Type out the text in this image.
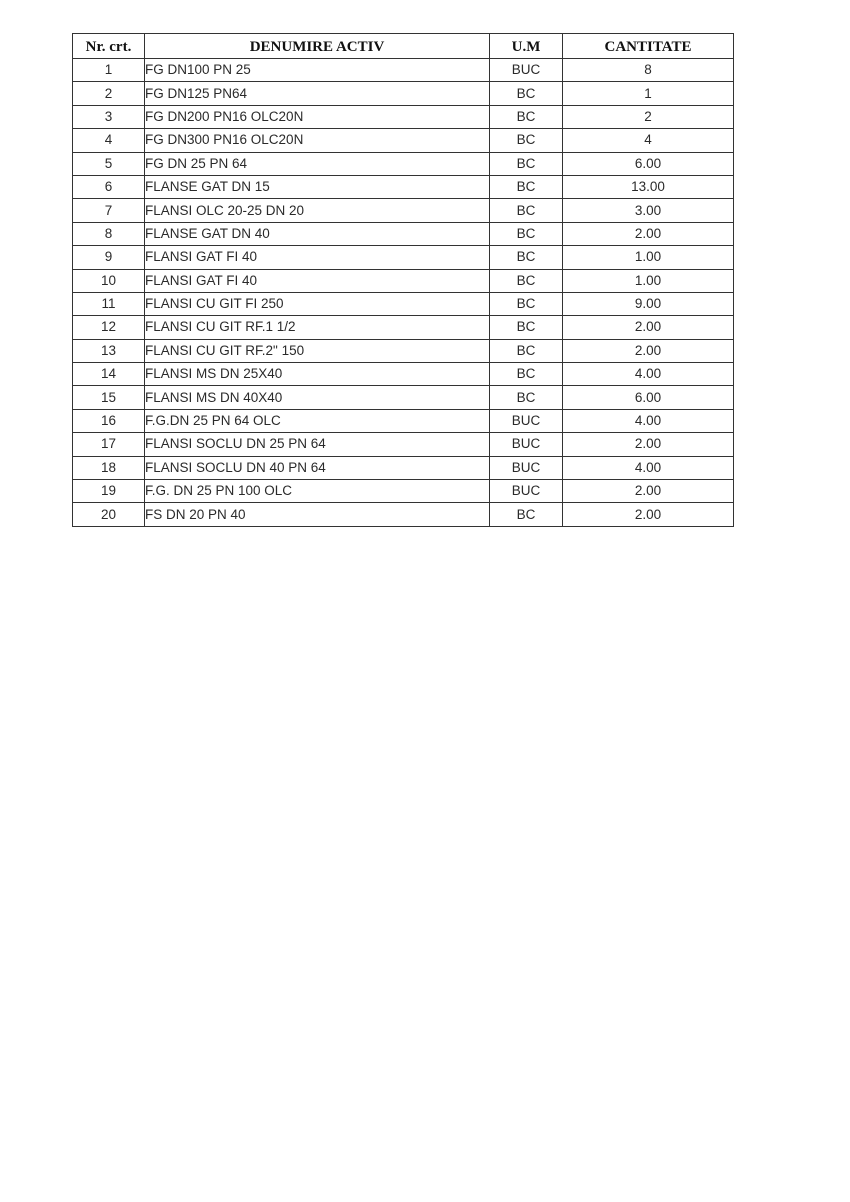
Nr. crt.	DENUMIRE ACTIV	U.M	CANTITATE
1	FG DN100 PN 25	BUC	8
2	FG DN125 PN64	BC	1
3	FG DN200 PN16 OLC20N	BC	2
4	FG DN300 PN16 OLC20N	BC	4
5	FG DN 25 PN 64	BC	6.00
6	FLANSE GAT DN 15	BC	13.00
7	FLANSI OLC 20-25 DN 20	BC	3.00
8	FLANSE GAT DN 40	BC	2.00
9	FLANSI GAT FI 40	BC	1.00
10	FLANSI GAT FI 40	BC	1.00
11	FLANSI CU GIT FI 250	BC	9.00
12	FLANSI CU GIT RF.1 1/2	BC	2.00
13	FLANSI CU GIT RF.2" 150	BC	2.00
14	FLANSI MS DN 25X40	BC	4.00
15	FLANSI MS DN 40X40	BC	6.00
16	F.G.DN 25 PN 64 OLC	BUC	4.00
17	FLANSI SOCLU DN 25 PN 64	BUC	2.00
18	FLANSI SOCLU DN 40 PN 64	BUC	4.00
19	F.G. DN 25 PN 100 OLC	BUC	2.00
20	FS DN 20 PN 40	BC	2.00
